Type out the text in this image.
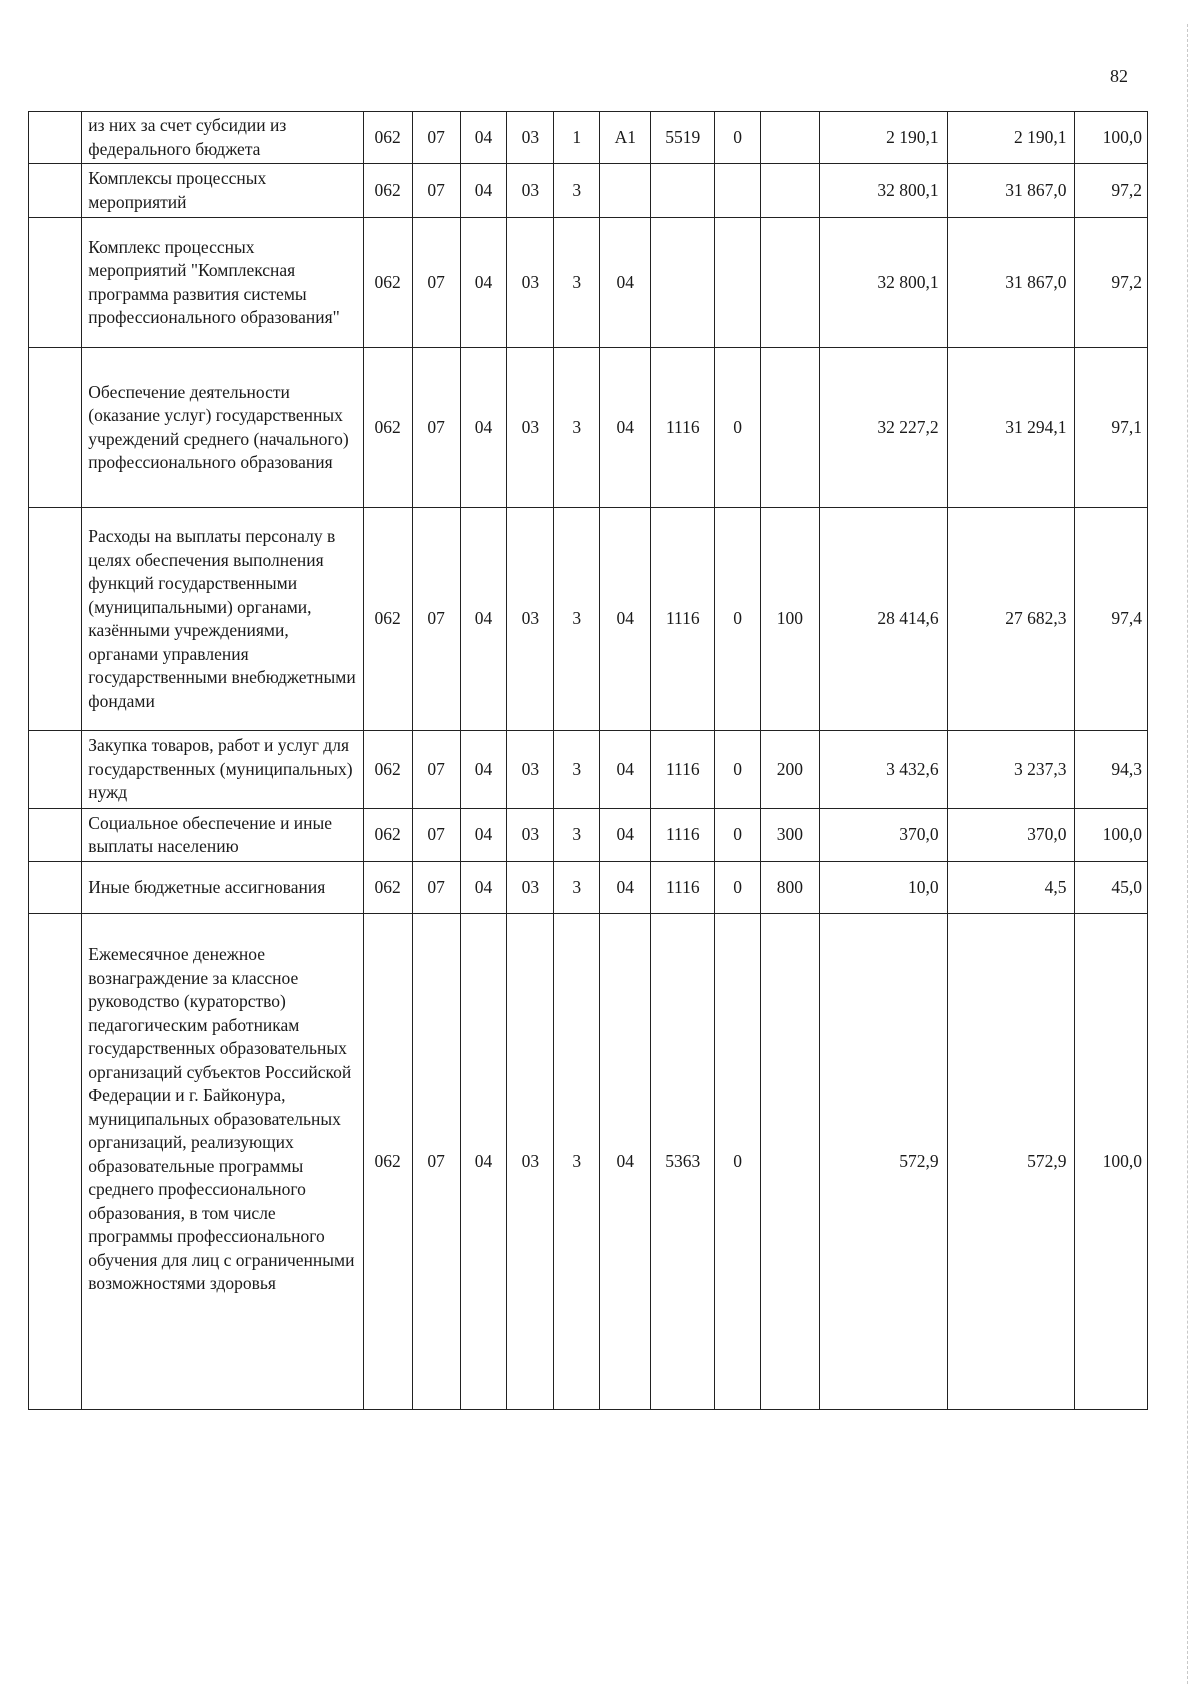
82
	из них за счет субсидии из федерального бюджета	062	07	04	03	1	A1	5519	0		2 190,1	2 190,1	100,0
	Комплексы процессных мероприятий	062	07	04	03	3					32 800,1	31 867,0	97,2
	Комплекс процессных мероприятий "Комплексная программа развития системы профессионального образования"	062	07	04	03	3	04				32 800,1	31 867,0	97,2
	Обеспечение деятельности (оказание услуг) государственных учреждений среднего (начального) профессионального образования	062	07	04	03	3	04	1116	0		32 227,2	31 294,1	97,1
	Расходы на выплаты персоналу в целях обеспечения выполнения функций государственными (муниципальными) органами, казёнными учреждениями, органами управления государственными внебюджетными фондами	062	07	04	03	3	04	1116	0	100	28 414,6	27 682,3	97,4
	Закупка товаров, работ и услуг для государственных (муниципальных) нужд	062	07	04	03	3	04	1116	0	200	3 432,6	3 237,3	94,3
	Социальное обеспечение и иные выплаты населению	062	07	04	03	3	04	1116	0	300	370,0	370,0	100,0
	Иные бюджетные ассигнования	062	07	04	03	3	04	1116	0	800	10,0	4,5	45,0
	Ежемесячное денежное вознаграждение за классное руководство (кураторство) педагогическим работникам государственных образовательных организаций субъектов Российской Федерации и г. Байконура, муниципальных образовательных организаций, реализующих образовательные программы среднего профессионального образования, в том числе программы профессионального обучения для лиц с ограниченными возможностями здоровья	062	07	04	03	3	04	5363	0		572,9	572,9	100,0
